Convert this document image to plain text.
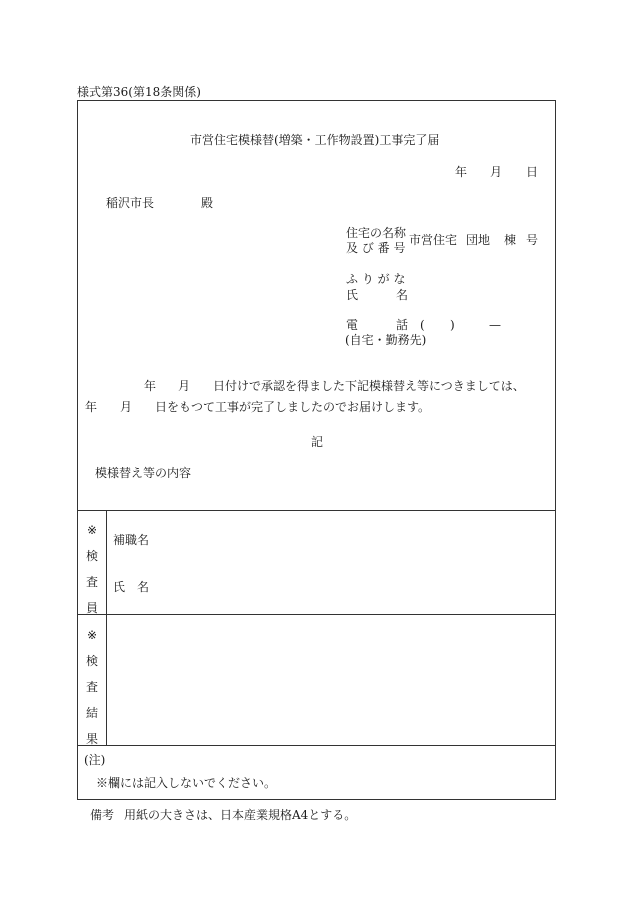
様式第36(第18条関係)
市営住宅模様替(増築・工作物設置)工事完了届
年 月 日
稲沢市長	殿
住宅の名称
及 び 番 号
市営住宅 団地 棟 号
ふ り が な
氏	名
電	話 ( )	—
(自宅・勤務先)
年 月 日付けで承認を得ました下記模様替え等につきましては、
年 月 日をもつて工事が完了しましたのでお届けします。
記
模様替え等の内容
※
検
査
員
補職名
氏 名
※
検
査
結
果
(注)
※欄には記入しないでください。
備考 用紙の大きさは、日本産業規格A4とする。
